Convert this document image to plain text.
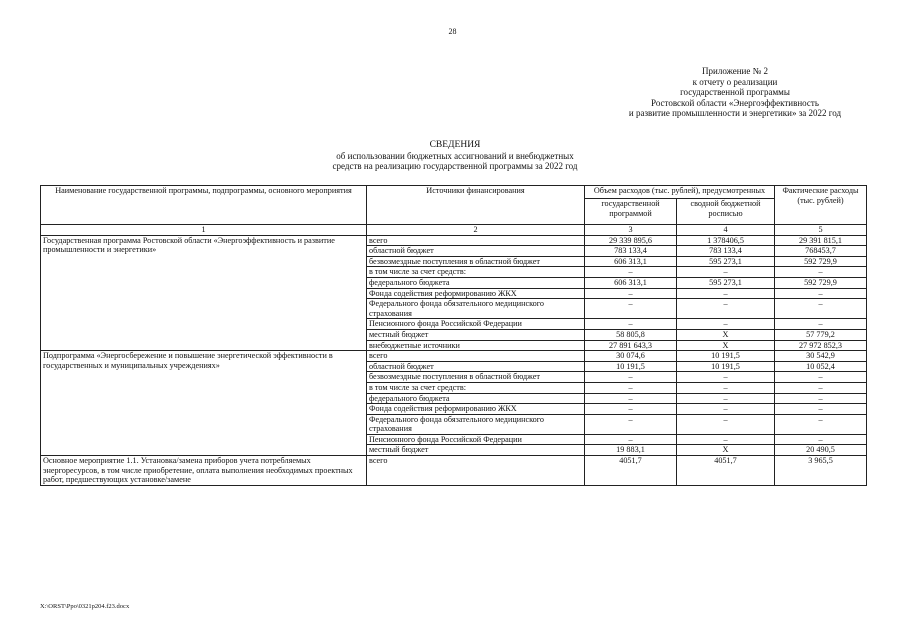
28
Приложение № 2
к отчету о реализации
государственной программы
Ростовской области «Энергоэффективность
и развитие промышленности и энергетики» за 2022 год
СВЕДЕНИЯ
об использовании бюджетных ассигнований и внебюджетных
средств на реализацию государственной программы за 2022 год
Наименование государственной программы, подпрограммы, основного мероприятия	Источники финансирования	Объем расходов (тыс. рублей), предусмотренных		Фактические расходы (тыс. рублей)
		государственной программой	сводной бюджетной росписью	
1	2	3	4	5
Государственная программа Ростовской области «Энергоэффективность и развитие промышленности и энергетики»	всего	29 339 895,6	1 378406,5	29 391 815,1
	областной бюджет	783 133,4	783 133,4	768453,7
	безвозмездные поступления в областной бюджет	606 313,1	595 273,1	592 729,9
	в том числе за счет средств:	–	–	–
	федерального бюджета	606 313,1	595 273,1	592 729,9
	Фонда содействия реформированию ЖКХ	–	–	–
	Федерального фонда обязательного медицинского страхования	–	–	–
	Пенсионного фонда Российской Федерации	–	–	–
	местный бюджет	58 805,8	Х	57 779,2
	внебюджетные источники	27 891 643,3	Х	27 972 852,3
Подпрограмма «Энергосбережение и повышение энергетической эффективности в государственных и муниципальных учреждениях»	всего	30 074,6	10 191,5	30 542,9
	областной бюджет	10 191,5	10 191,5	10 052,4
	безвозмездные поступления в областной бюджет	–	–	–
	в том числе за счет средств:	–	–	–
	федерального бюджета	–	–	–
	Фонда содействия реформированию ЖКХ	–	–	–
	Федерального фонда обязательного медицинского страхования	–	–	–
	Пенсионного фонда Российской Федерации	–	–	–
	местный бюджет	19 883,1	Х	20 490,5
Основное мероприятие 1.1. Установка/замена приборов учета потребляемых энергоресурсов, в том числе приобретение, оплата выполнения необходимых проектных работ, предшествующих установке/замене	всего	4051,7	4051,7	3 965,5
X:\ORST\Ppo\0321p204.f23.docx
